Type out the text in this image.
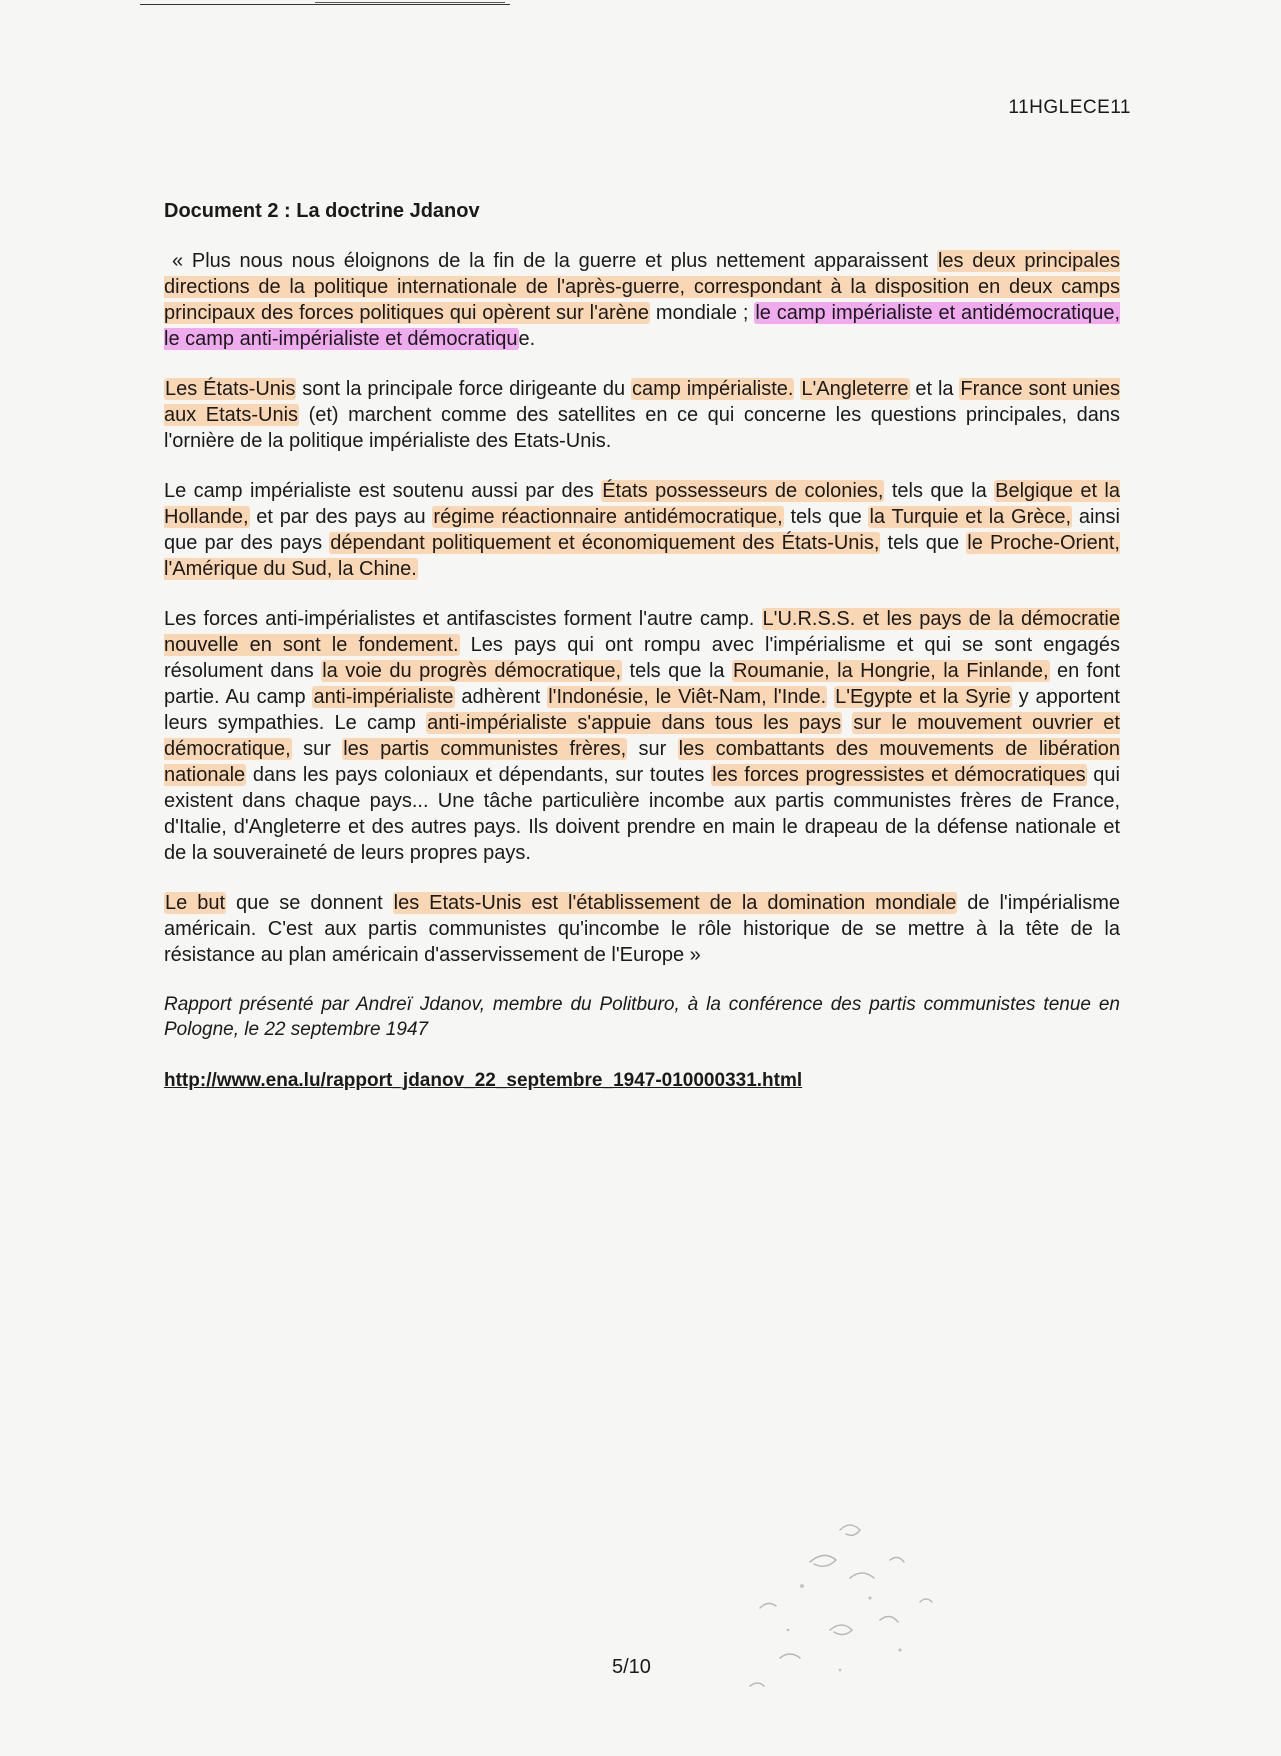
11HGLECE11
Document 2 : La doctrine Jdanov
« Plus nous nous éloignons de la fin de la guerre et plus nettement apparaissent les deux principales directions de la politique internationale de l'après-guerre, correspondant à la disposition en deux camps principaux des forces politiques qui opèrent sur l'arène mondiale ; le camp impérialiste et antidémocratique, le camp anti-impérialiste et démocratique.
Les États-Unis sont la principale force dirigeante du camp impérialiste. L'Angleterre et la France sont unies aux Etats-Unis (et) marchent comme des satellites en ce qui concerne les questions principales, dans l'ornière de la politique impérialiste des Etats-Unis.
Le camp impérialiste est soutenu aussi par des États possesseurs de colonies, tels que la Belgique et la Hollande, et par des pays au régime réactionnaire antidémocratique, tels que la Turquie et la Grèce, ainsi que par des pays dépendant politiquement et économiquement des États-Unis, tels que le Proche-Orient, l'Amérique du Sud, la Chine.
Les forces anti-impérialistes et antifascistes forment l'autre camp. L'U.R.S.S. et les pays de la démocratie nouvelle en sont le fondement. Les pays qui ont rompu avec l'impérialisme et qui se sont engagés résolument dans la voie du progrès démocratique, tels que la Roumanie, la Hongrie, la Finlande, en font partie. Au camp anti-impérialiste adhèrent l'Indonésie, le Viêt-Nam, l'Inde. L'Egypte et la Syrie y apportent leurs sympathies. Le camp anti-impérialiste s'appuie dans tous les pays sur le mouvement ouvrier et démocratique, sur les partis communistes frères, sur les combattants des mouvements de libération nationale dans les pays coloniaux et dépendants, sur toutes les forces progressistes et démocratiques qui existent dans chaque pays... Une tâche particulière incombe aux partis communistes frères de France, d'Italie, d'Angleterre et des autres pays. Ils doivent prendre en main le drapeau de la défense nationale et de la souveraineté de leurs propres pays.
Le but que se donnent les Etats-Unis est l'établissement de la domination mondiale de l'impérialisme américain. C'est aux partis communistes qu'incombe le rôle historique de se mettre à la tête de la résistance au plan américain d'asservissement de l'Europe »
Rapport présenté par Andreï Jdanov, membre du Politburo, à la conférence des partis communistes tenue en Pologne, le 22 septembre 1947
http://www.ena.lu/rapport_jdanov_22_septembre_1947-010000331.html
5/10
